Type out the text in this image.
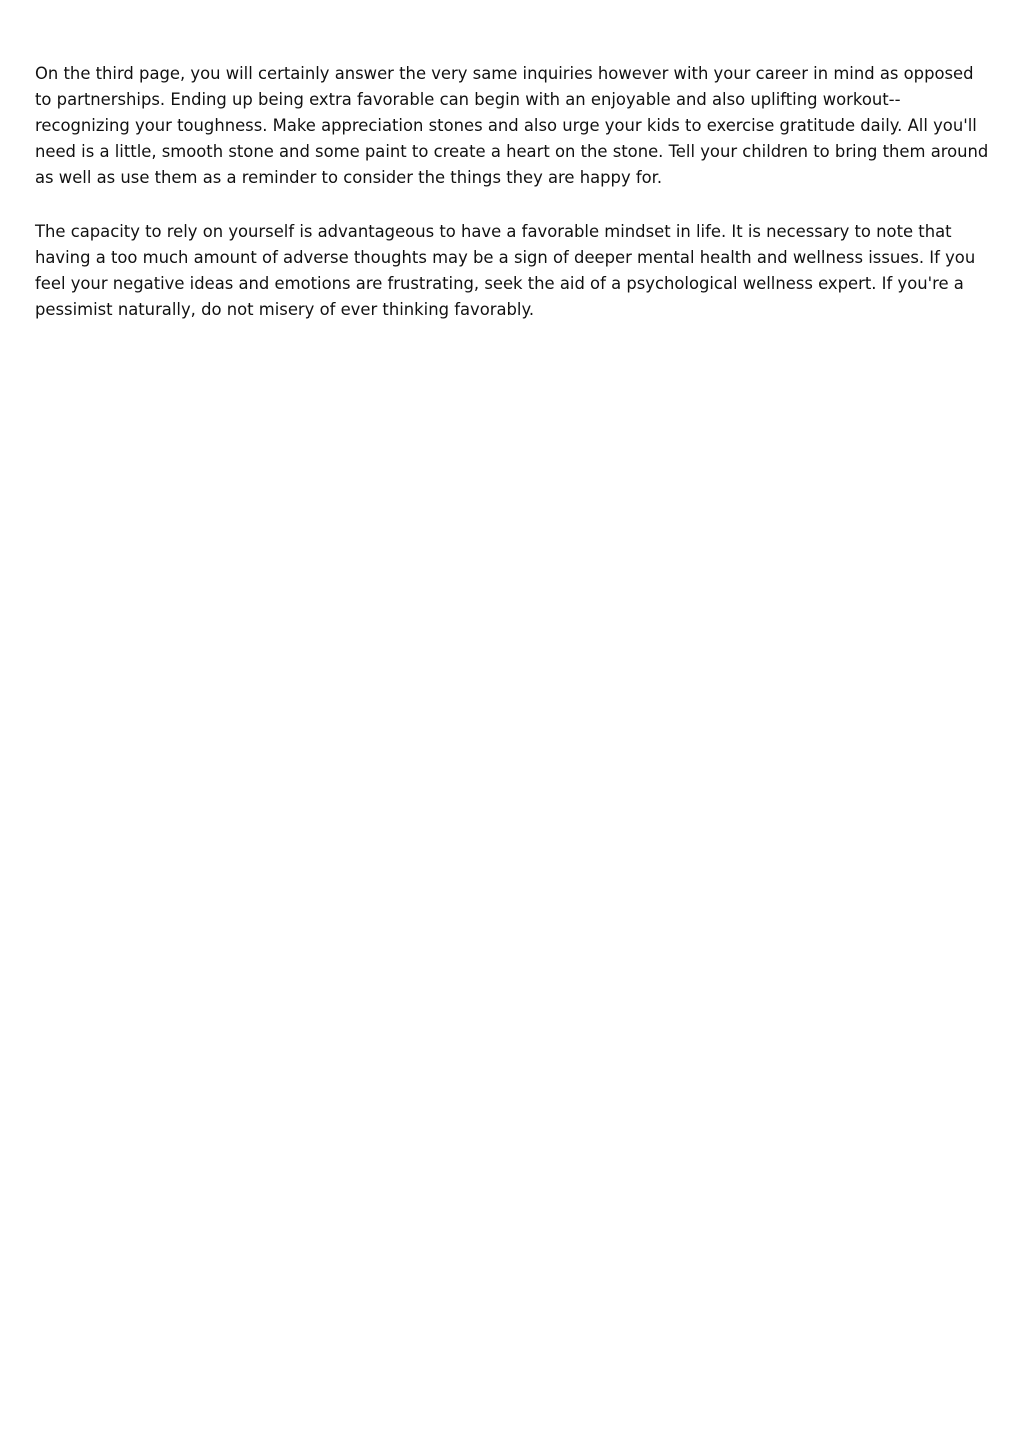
On the third page, you will certainly answer the very same inquiries however with your career in mind as opposed to partnerships. Ending up being extra favorable can begin with an enjoyable and also uplifting workout--recognizing your toughness. Make appreciation stones and also urge your kids to exercise gratitude daily. All you'll need is a little, smooth stone and some paint to create a heart on the stone. Tell your children to bring them around as well as use them as a reminder to consider the things they are happy for.

The capacity to rely on yourself is advantageous to have a favorable mindset in life. It is necessary to note that having a too much amount of adverse thoughts may be a sign of deeper mental health and wellness issues. If you feel your negative ideas and emotions are frustrating, seek the aid of a psychological wellness expert. If you're a pessimist naturally, do not misery of ever thinking favorably.
